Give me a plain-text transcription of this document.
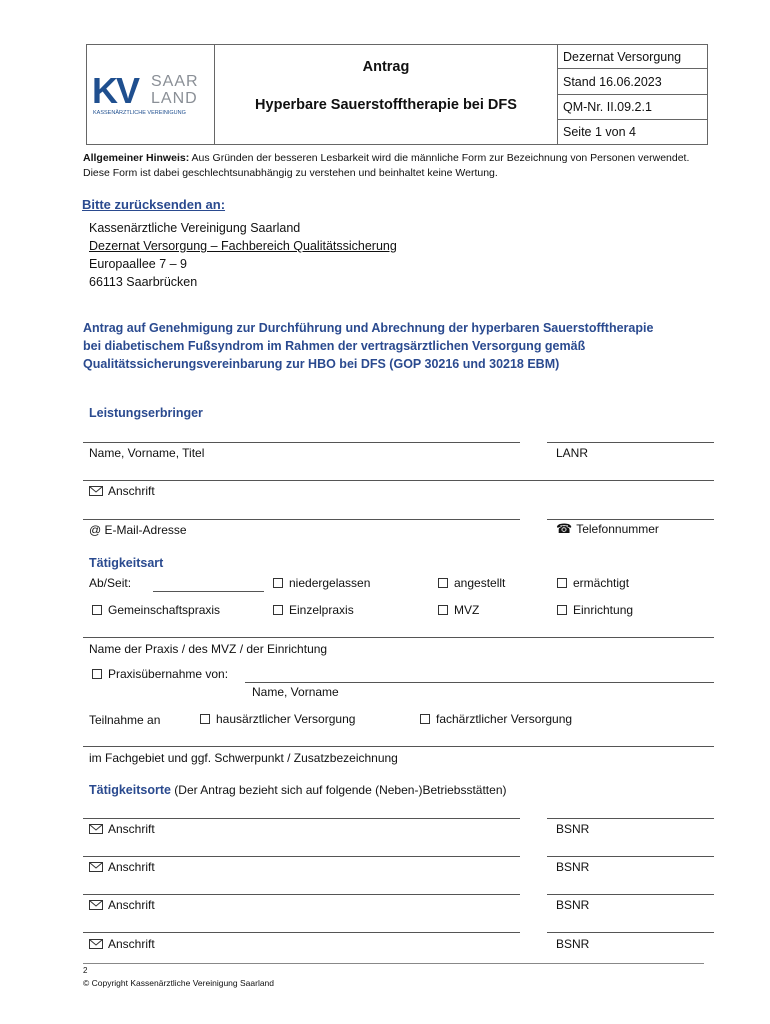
KV SAAR
LAND
KASSENÄRZTLICHE VEREINIGUNG

Antrag
Hyperbare Sauerstofftherapie bei DFS
	Dezernat Versorgung
Stand 16.06.2023
QM-Nr. II.09.2.1
Seite 1 von 4
Allgemeiner Hinweis: Aus Gründen der besseren Lesbarkeit wird die männliche Form zur Bezeichnung von Personen verwendet. Diese Form ist dabei geschlechtsunabhängig zu verstehen und beinhaltet keine Wertung.
Bitte zurücksenden an:
Kassenärztliche Vereinigung Saarland
Dezernat Versorgung – Fachbereich Qualitätssicherung
Europaallee 7 – 9
66113 Saarbrücken
Antrag auf Genehmigung zur Durchführung und Abrechnung der hyperbaren Sauerstofftherapie
bei diabetischem Fußsyndrom im Rahmen der vertragsärztlichen Versorgung gemäß
Qualitätssicherungsvereinbarung zur HBO bei DFS (GOP 30216 und 30218 EBM)
Leistungserbringer
Name, Vorname, Titel	LANR
Anschrift
@ E-Mail-Adresse	☎ Telefonnummer
Tätigkeitsart
Ab/Seit:	niedergelassen	angestellt	ermächtigt
Gemeinschaftspraxis	Einzelpraxis	MVZ	Einrichtung
Name der Praxis / des MVZ / der Einrichtung
Praxisübernahme von:
Name, Vorname
Teilnahme an	hausärztlicher Versorgung	fachärztlicher Versorgung
im Fachgebiet und ggf. Schwerpunkt / Zusatzbezeichnung
Tätigkeitsorte (Der Antrag bezieht sich auf folgende (Neben-)Betriebsstätten)
Anschrift	BSNR
Anschrift	BSNR
Anschrift	BSNR
Anschrift	BSNR
2
© Copyright Kassenärztliche Vereinigung Saarland
